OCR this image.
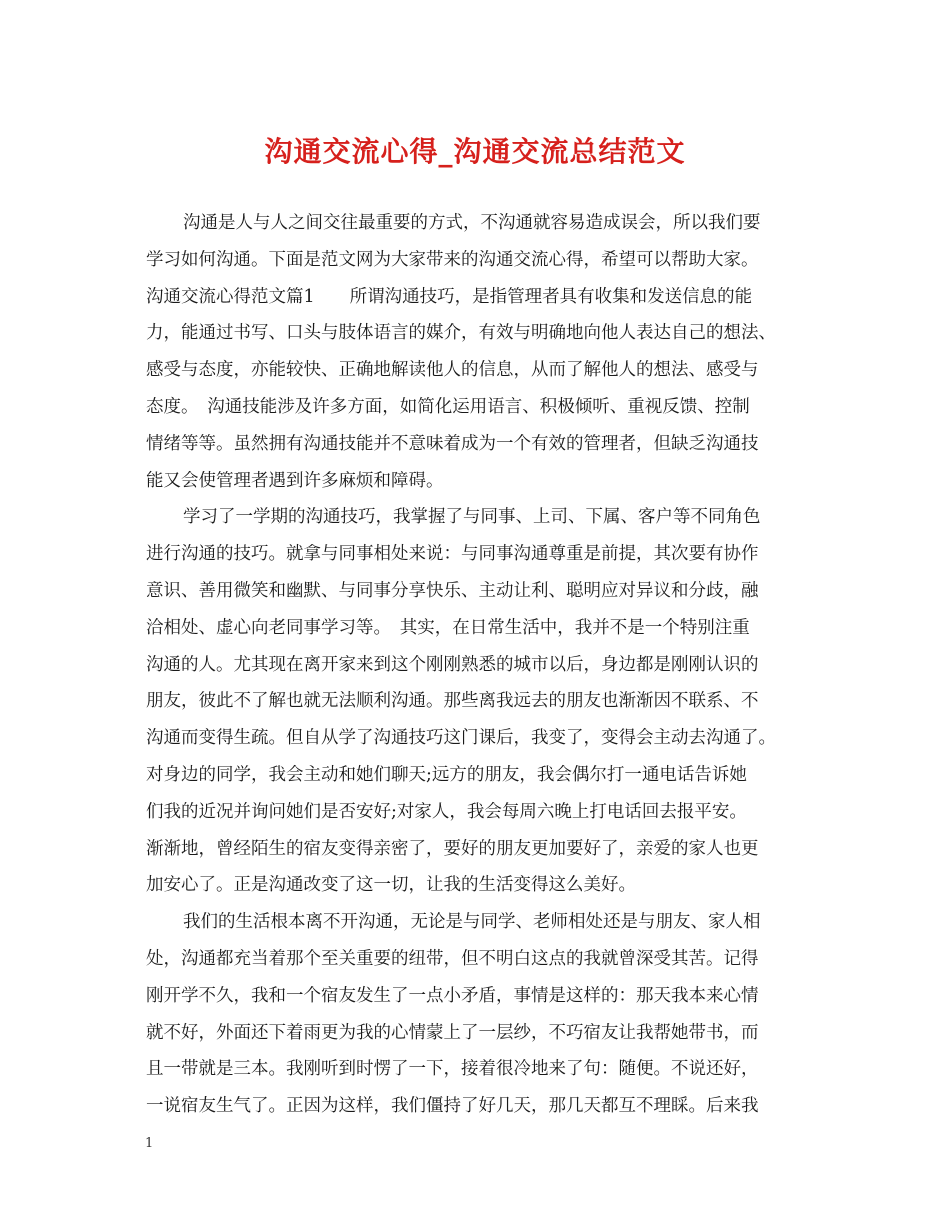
沟通交流心得_沟通交流总结范文
沟通是人与人之间交往最重要的方式，不沟通就容易造成误会，所以我们要
学习如何沟通。下面是范文网为大家带来的沟通交流心得，希望可以帮助大家。
沟通交流心得范文篇1　　所谓沟通技巧，是指管理者具有收集和发送信息的能
力，能通过书写、口头与肢体语言的媒介，有效与明确地向他人表达自己的想法、
感受与态度，亦能较快、正确地解读他人的信息，从而了解他人的想法、感受与
态度。　沟通技能涉及许多方面，如简化运用语言、积极倾听、重视反馈、控制
情绪等等。虽然拥有沟通技能并不意味着成为一个有效的管理者，但缺乏沟通技
能又会使管理者遇到许多麻烦和障碍。
学习了一学期的沟通技巧，我掌握了与同事、上司、下属、客户等不同角色
进行沟通的技巧。就拿与同事相处来说：与同事沟通尊重是前提，其次要有协作
意识、善用微笑和幽默、与同事分享快乐、主动让利、聪明应对异议和分歧，融
洽相处、虚心向老同事学习等。　其实，在日常生活中，我并不是一个特别注重
沟通的人。尤其现在离开家来到这个刚刚熟悉的城市以后，身边都是刚刚认识的
朋友，彼此不了解也就无法顺利沟通。那些离我远去的朋友也渐渐因不联系、不
沟通而变得生疏。但自从学了沟通技巧这门课后，我变了，变得会主动去沟通了。
对身边的同学，我会主动和她们聊天;远方的朋友，我会偶尔打一通电话告诉她
们我的近况并询问她们是否安好;对家人，我会每周六晚上打电话回去报平安。
渐渐地，曾经陌生的宿友变得亲密了，要好的朋友更加要好了，亲爱的家人也更
加安心了。正是沟通改变了这一切，让我的生活变得这么美好。
我们的生活根本离不开沟通，无论是与同学、老师相处还是与朋友、家人相
处，沟通都充当着那个至关重要的纽带，但不明白这点的我就曾深受其苦。记得
刚开学不久，我和一个宿友发生了一点小矛盾，事情是这样的：那天我本来心情
就不好，外面还下着雨更为我的心情蒙上了一层纱，不巧宿友让我帮她带书，而
且一带就是三本。我刚听到时愣了一下，接着很冷地来了句：随便。不说还好，
一说宿友生气了。正因为这样，我们僵持了好几天，那几天都互不理睬。后来我
1
